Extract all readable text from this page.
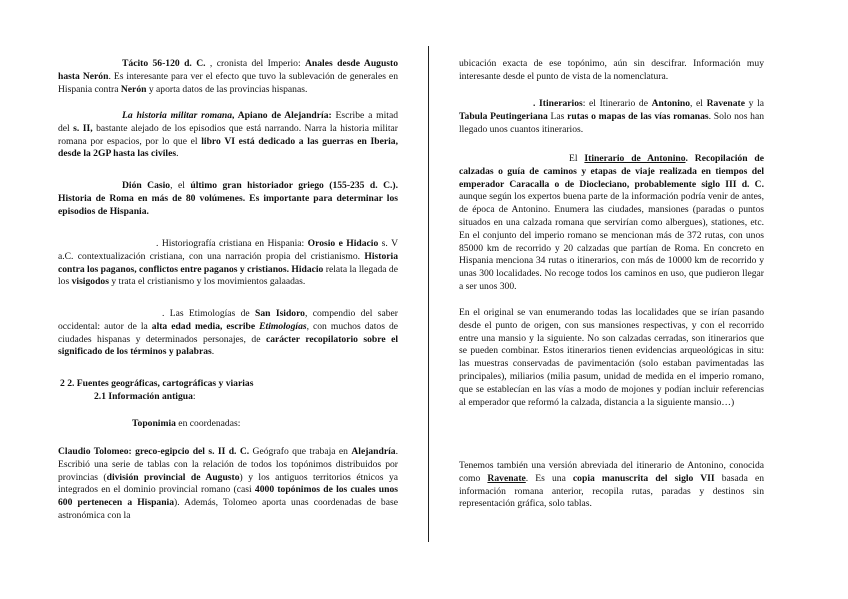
Tácito 56-120 d. C. , cronista del Imperio: Anales desde Augusto hasta Nerón. Es interesante para ver el efecto que tuvo la sublevación de generales en Hispania contra Nerón y aporta datos de las provincias hispanas.
La historia militar romana, Apiano de Alejandría: Escribe a mitad del s. II, bastante alejado de los episodios que está narrando. Narra la historia militar romana por espacios, por lo que el libro VI está dedicado a las guerras en Iberia, desde la 2GP hasta las civiles.
Dión Casio, el último gran historiador griego (155-235 d. C.). Historia de Roma en más de 80 volúmenes. Es importante para determinar los episodios de Hispania.
. Historiografía cristiana en Hispania: Orosio e Hidacio s. V a.C. contextualización cristiana, con una narración propia del cristianismo. Historia contra los paganos, conflictos entre paganos y cristianos. Hidacio relata la llegada de los visigodos y trata el cristianismo y los movimientos galaadas.
. Las Etimologías de San Isidoro, compendio del saber occidental: autor de la alta edad media, escribe Etimologías, con muchos datos de ciudades hispanas y determinados personajes, de carácter recopilatorio sobre el significado de los términos y palabras.
2 2. Fuentes geográficas, cartográficas y viarias
2.1 Información antigua:
Toponimia en coordenadas:
Claudio Tolomeo: greco-egipcio del s. II d. C. Geógrafo que trabaja en Alejandría. Escribió una serie de tablas con la relación de todos los topónimos distribuidos por provincias (división provincial de Augusto) y los antiguos territorios étnicos ya integrados en el dominio provincial romano (casi 4000 topónimos de los cuales unos 600 pertenecen a Hispania). Además, Tolomeo aporta unas coordenadas de base astronómica con la
ubicación exacta de ese topónimo, aún sin descifrar. Información muy interesante desde el punto de vista de la nomenclatura.
. Itinerarios: el Itinerario de Antonino, el Ravenate y la Tabula Peutingeriana Las rutas o mapas de las vías romanas. Solo nos han llegado unos cuantos itinerarios.
El Itinerario de Antonino. Recopilación de calzadas o guía de caminos y etapas de viaje realizada en tiempos del emperador Caracalla o de Diocleciano, probablemente siglo III d. C. aunque según los expertos buena parte de la información podría venir de antes, de época de Antonino. Enumera las ciudades, mansiones (paradas o puntos situados en una calzada romana que servirían como albergues), stationes, etc. En el conjunto del imperio romano se mencionan más de 372 rutas, con unos 85000 km de recorrido y 20 calzadas que partían de Roma. En concreto en Hispania menciona 34 rutas o itinerarios, con más de 10000 km de recorrido y unas 300 localidades. No recoge todos los caminos en uso, que pudieron llegar a ser unos 300.
En el original se van enumerando todas las localidades que se irían pasando desde el punto de origen, con sus mansiones respectivas, y con el recorrido entre una mansio y la siguiente. No son calzadas cerradas, son itinerarios que se pueden combinar. Estos itinerarios tienen evidencias arqueológicas in situ: las muestras conservadas de pavimentación (solo estaban pavimentadas las principales), miliarios (milia pasum, unidad de medida en el imperio romano, que se establecían en las vías a modo de mojones y podían incluir referencias al emperador que reformó la calzada, distancia a la siguiente mansio…)
Tenemos también una versión abreviada del itinerario de Antonino, conocida como Ravenate. Es una copia manuscrita del siglo VII basada en información romana anterior, recopila rutas, paradas y destinos sin representación gráfica, solo tablas.
